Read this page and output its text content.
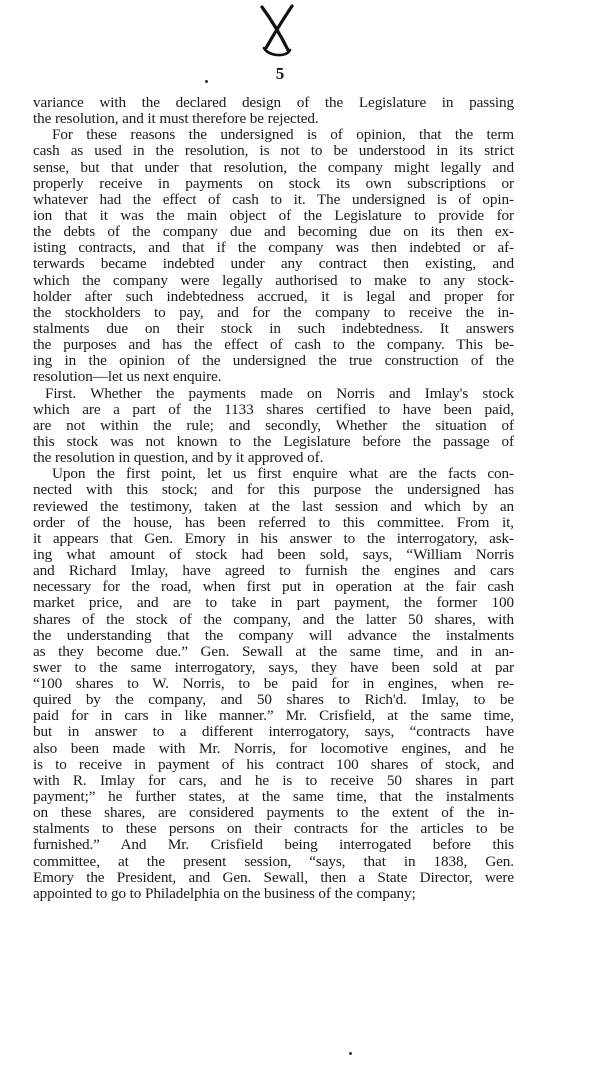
5
variance with the declared design of the Legislature in passing
the resolution, and it must therefore be rejected.
For these reasons the undersigned is of opinion, that the term
cash as used in the resolution, is not to be understood in its strict
sense, but that under that resolution, the company might legally and
properly receive in payments on stock its own subscriptions or
whatever had the effect of cash to it. The undersigned is of opin-
ion that it was the main object of the Legislature to provide for
the debts of the company due and becoming due on its then ex-
isting contracts, and that if the company was then indebted or af-
terwards became indebted under any contract then existing, and
which the company were legally authorised to make to any stock-
holder after such indebtedness accrued, it is legal and proper for
the stockholders to pay, and for the company to receive the in-
stalments due on their stock in such indebtedness. It answers
the purposes and has the effect of cash to the company. This be-
ing in the opinion of the undersigned the true construction of the
resolution—let us next enquire.
First. Whether the payments made on Norris and Imlay's stock
which are a part of the 1133 shares certified to have been paid,
are not within the rule; and secondly, Whether the situation of
this stock was not known to the Legislature before the passage of
the resolution in question, and by it approved of.
Upon the first point, let us first enquire what are the facts con-
nected with this stock; and for this purpose the undersigned has
reviewed the testimony, taken at the last session and which by an
order of the house, has been referred to this committee. From it,
it appears that Gen. Emory in his answer to the interrogatory, ask-
ing what amount of stock had been sold, says, “William Norris
and Richard Imlay, have agreed to furnish the engines and cars
necessary for the road, when first put in operation at the fair cash
market price, and are to take in part payment, the former 100
shares of the stock of the company, and the latter 50 shares, with
the understanding that the company will advance the instalments
as they become due.” Gen. Sewall at the same time, and in an-
swer to the same interrogatory, says, they have been sold at par
“100 shares to W. Norris, to be paid for in engines, when re-
quired by the company, and 50 shares to Rich'd. Imlay, to be
paid for in cars in like manner.” Mr. Crisfield, at the same time,
but in answer to a different interrogatory, says, “contracts have
also been made with Mr. Norris, for locomotive engines, and he
is to receive in payment of his contract 100 shares of stock, and
with R. Imlay for cars, and he is to receive 50 shares in part
payment;” he further states, at the same time, that the instalments
on these shares, are considered payments to the extent of the in-
stalments to these persons on their contracts for the articles to be
furnished.” And Mr. Crisfield being interrogated before this
committee, at the present session, “says, that in 1838, Gen.
Emory the President, and Gen. Sewall, then a State Director, were
appointed to go to Philadelphia on the business of the company;
